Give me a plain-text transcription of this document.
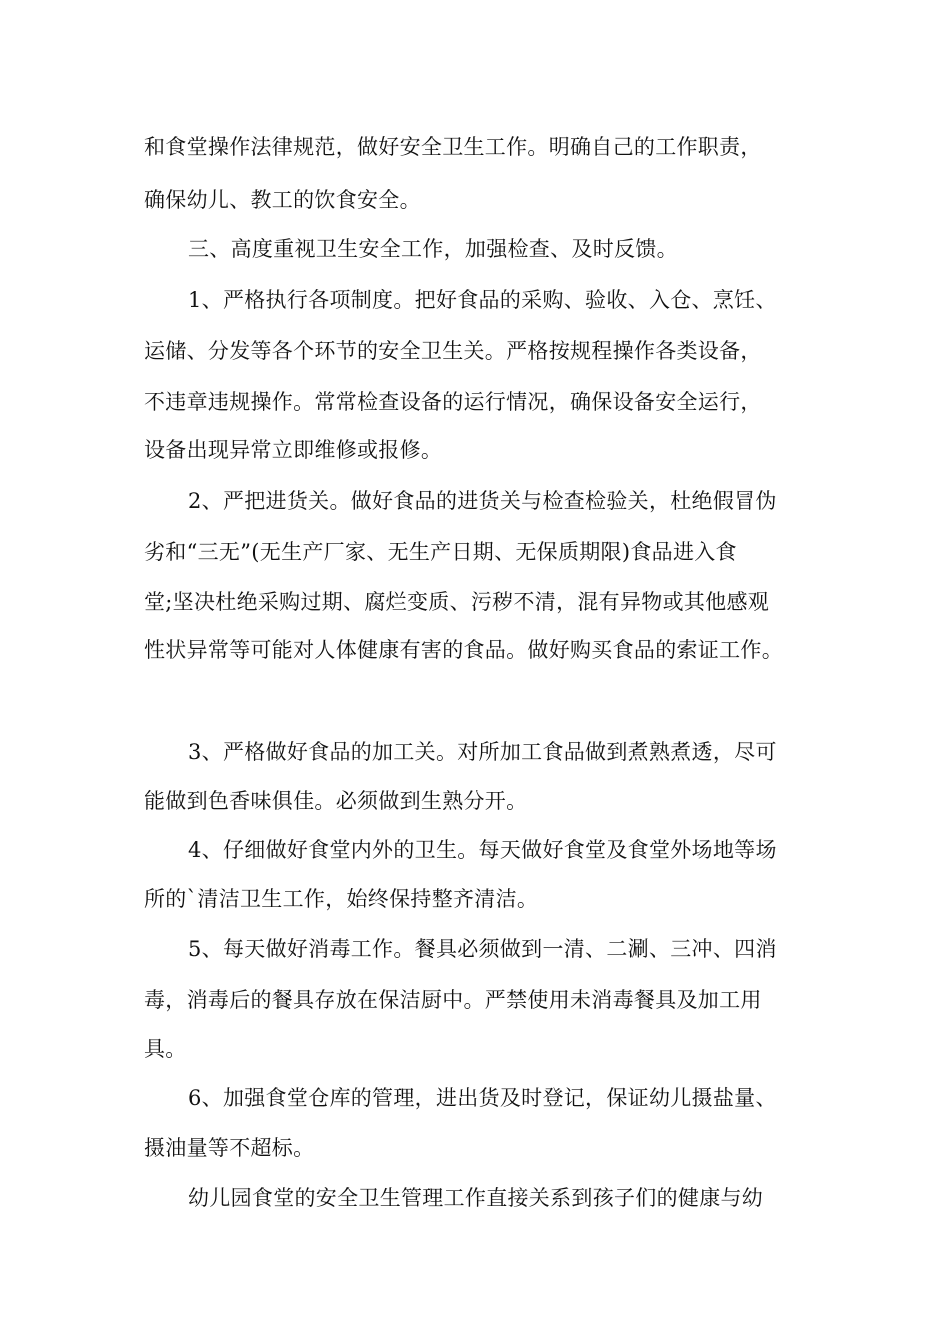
和食堂操作法律规范，做好安全卫生工作。明确自己的工作职责，
确保幼儿、教工的饮食安全。
三、高度重视卫生安全工作，加强检查、及时反馈。
1、严格执行各项制度。把好食品的采购、验收、入仓、烹饪、
运储、分发等各个环节的安全卫生关。严格按规程操作各类设备，
不违章违规操作。常常检查设备的运行情况，确保设备安全运行，
设备出现异常立即维修或报修。
2、严把进货关。做好食品的进货关与检查检验关，杜绝假冒伪
劣和“三无”(无生产厂家、无生产日期、无保质期限)食品进入食
堂;坚决杜绝采购过期、腐烂变质、污秽不清，混有异物或其他感观
性状异常等可能对人体健康有害的食品。做好购买食品的索证工作。
3、严格做好食品的加工关。对所加工食品做到煮熟煮透，尽可
能做到色香味俱佳。必须做到生熟分开。
4、仔细做好食堂内外的卫生。每天做好食堂及食堂外场地等场
所的`清洁卫生工作，始终保持整齐清洁。
5、每天做好消毒工作。餐具必须做到一清、二涮、三冲、四消
毒，消毒后的餐具存放在保洁厨中。严禁使用未消毒餐具及加工用
具。
6、加强食堂仓库的管理，进出货及时登记，保证幼儿摄盐量、
摄油量等不超标。
幼儿园食堂的安全卫生管理工作直接关系到孩子们的健康与幼
